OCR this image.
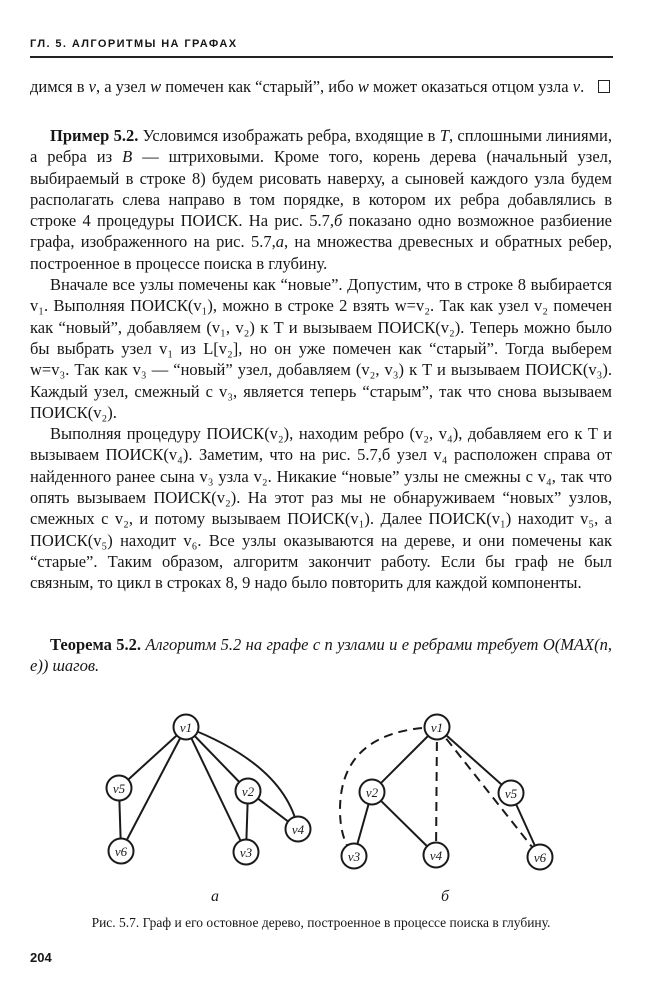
ГЛ. 5. АЛГОРИТМЫ НА ГРАФАХ

димся в v, а узел w помечен как “старый”, ибо w может оказаться отцом узла v.

Пример 5.2. Условимся изображать ребра, входящие в T, сплошными линиями, а ребра из B — штриховыми. Кроме того, корень дерева (начальный узел, выбираемый в строке 8) будем рисовать наверху, а сыновей каждого узла будем располагать слева направо в том порядке, в котором их ребра добавлялись в строке 4 процедуры ПОИСК. На рис. 5.7,б показано одно возможное разбиение графа, изображенного на рис. 5.7,а, на множества древесных и обратных ребер, построенное в процессе поиска в глубину.

Вначале все узлы помечены как “новые”. Допустим, что в строке 8 выбирается v₁. Выполняя ПОИСК(v₁), можно в строке 2 взять w=v₂. Так как узел v₂ помечен как “новый”, добавляем (v₁, v₂) к T и вызываем ПОИСК(v₂). Теперь можно было бы выбрать узел v₁ из L[v₂], но он уже помечен как “старый”. Тогда выберем w=v₃. Так как v₃ — “новый” узел, добавляем (v₂, v₃) к T и вызываем ПОИСК(v₃). Каждый узел, смежный с v₃, является теперь “старым”, так что снова вызываем ПОИСК(v₂).

Выполняя процедуру ПОИСК(v₂), находим ребро (v₂, v₄), добавляем его к T и вызываем ПОИСК(v₄). Заметим, что на рис. 5.7,б узел v₄ расположен справа от найденного ранее сына v₃ узла v₂. Никакие “новые” узлы не смежны с v₄, так что опять вызываем ПОИСК(v₂). На этот раз мы не обнаруживаем “новых” узлов, смежных с v₂, и потому вызываем ПОИСК(v₁). Далее ПОИСК(v₁) находит v₅, а ПОИСК(v₅) находит v₆. Все узлы оказываются на дереве, и они помечены как “старые”. Таким образом, алгоритм закончит работу. Если бы граф не был связным, то цикл в строках 8, 9 надо было повторить для каждой компоненты.

Теорема 5.2. Алгоритм 5.2 на графе с n узлами и e ребрами требует O(MAX(n, e)) шагов.

v1
v5
v6
v2
v3
v4
v1
v2
v3	v4
v5
v6
а	б
Рис. 5.7. Граф и его остовное дерево, построенное в процессе поиска в глубину.
204
